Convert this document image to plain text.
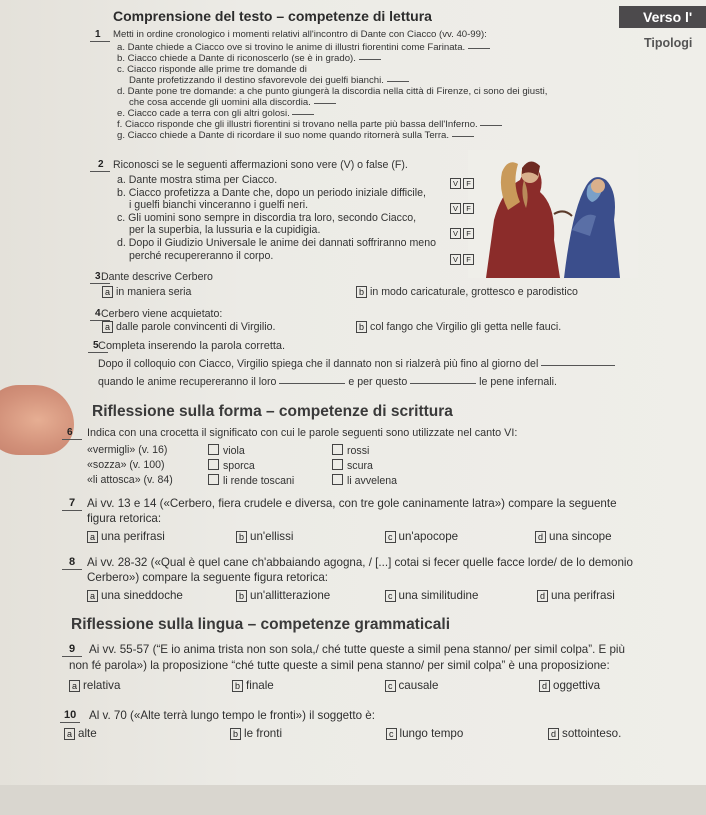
Verso l'
Tipologi
Comprensione del testo – competenze di lettura
1 Metti in ordine cronologico i momenti relativi all'incontro di Dante con Ciacco (vv. 40-99):
a. Dante chiede a Ciacco ove si trovino le anime di illustri fiorentini come Farinata.
b. Ciacco chiede a Dante di riconoscerlo (se è in grado).
c. Ciacco risponde alle prime tre domande di
Dante profetizzando il destino sfavorevole dei guelfi bianchi.
d. Dante pone tre domande: a che punto giungerà la discordia nella città di Firenze, ci sono dei giusti,
che cosa accende gli uomini alla discordia.
e. Ciacco cade a terra con gli altri golosi.
f. Ciacco risponde che gli illustri fiorentini si trovano nella parte più bassa dell'Inferno.
g. Ciacco chiede a Dante di ricordare il suo nome quando ritornerà sulla Terra.
2 Riconosci se le seguenti affermazioni sono vere (V) o false (F).
a. Dante mostra stima per Ciacco.	V F
b. Ciacco profetizza a Dante che, dopo un periodo iniziale difficile,
i guelfi bianchi vinceranno i guelfi neri.	V F
c. Gli uomini sono sempre in discordia tra loro, secondo Ciacco,
per la superbia, la lussuria e la cupidigia.	V F
d. Dopo il Giudizio Universale le anime dei dannati soffriranno meno
perché recupereranno il corpo.	V F
3 Dante descrive Cerbero
a in maniera seria	b in modo caricaturale, grottesco e parodistico
4 Cerbero viene acquietato:
a dalle parole convincenti di Virgilio.	b col fango che Virgilio gli getta nelle fauci.
5 Completa inserendo la parola corretta.
Dopo il colloquio con Ciacco, Virgilio spiega che il dannato non si rialzerà più fino al giorno del
quando le anime recupereranno il loro	e per questo	le pene infernali.
Riflessione sulla forma – competenze di scrittura
6 Indica con una crocetta il significato con cui le parole seguenti sono utilizzate nel canto VI:
«vermigli» (v. 16)	viola	rossi
«sozza» (v. 100)	sporca	scura
«li attosca» (v. 84)	li rende toscani	li avvelena
7 Ai vv. 13 e 14 («Cerbero, fiera crudele e diversa, con tre gole caninamente latra») compare la seguente
figura retorica:
a una perifrasi	b un'ellissi	c un'apocope	d una sincope
8 Ai vv. 28-32 («Qual è quel cane ch'abbaiando agogna, / [...] cotai si fecer quelle facce lorde/ de lo demonio
Cerbero») compare la seguente figura retorica:
a una sineddoche	b un'allitterazione	c una similitudine	d una perifrasi
Riflessione sulla lingua – competenze grammaticali
9 Ai vv. 55-57 (“E io anima trista non son sola,/ ché tutte queste a simil pena stanno/ per simil colpa”. E più
non fé parola») la proposizione “ché tutte queste a simil pena stanno/ per simil colpa” è una proposizione:
a relativa	b finale	c causale	d oggettiva
10 Al v. 70 («Alte terrà lungo tempo le fronti») il soggetto è:
a alte	b le fronti	c lungo tempo	d sottointeso.
